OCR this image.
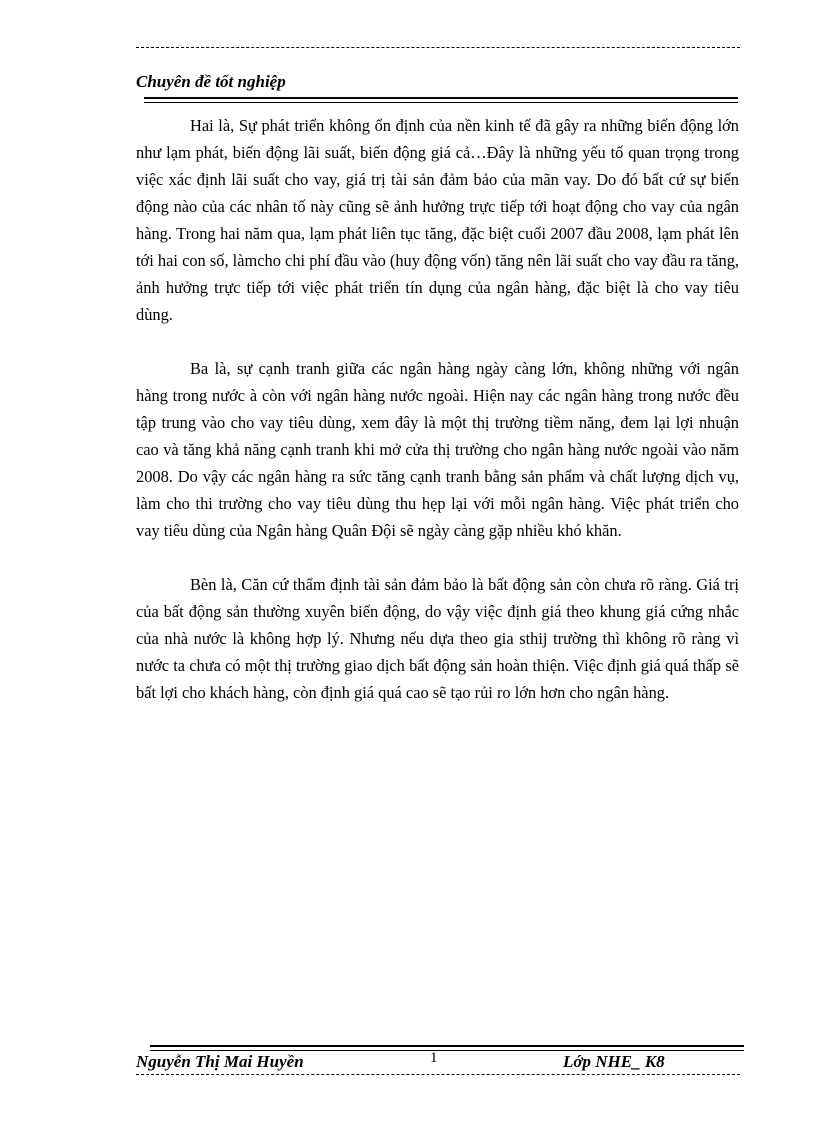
Chuyên đề tốt nghiệp

Hai là, Sự phát triển không ổn định của nền kinh tế đã gây ra những biến động lớn như lạm phát, biến động lãi suất, biến động giá cả…Đây là những yếu tố quan trọng trong việc xác định lãi suất cho vay, giá trị tài sản đảm bảo của mãn vay. Do đó bất cứ sự biến động nào của các nhân tố này cũng sẽ ảnh hưởng trực tiếp tới hoạt động cho vay của ngân hàng. Trong hai năm qua, lạm phát liên tục tăng, đặc biệt cuối 2007 đầu 2008, lạm phát lên tới hai con số, làmcho chi phí đầu vào (huy động vốn) tăng nên lãi suất cho vay đầu ra tăng, ảnh hưởng trực tiếp tới việc phát triển tín dụng của ngân hàng, đặc biệt là cho vay tiêu dùng.

Ba là, sự cạnh tranh giữa các ngân hàng ngày càng lớn, không những với ngân hàng trong nước à còn với ngân hàng nước ngoài. Hiện nay các ngân hàng trong nước đều tập trung vào cho vay tiêu dùng, xem đây là một thị trường tiềm năng, đem lại lợi nhuận cao và tăng khả năng cạnh tranh khi mở cửa thị trường cho ngân hàng nước ngoài vào năm 2008. Do vậy các ngân hàng ra sức tăng cạnh tranh bằng sản phẩm và chất lượng dịch vụ, làm cho thi trường cho vay tiêu dùng thu hẹp lại với mỗi ngân hàng. Việc phát triển cho vay tiêu dùng của Ngân hàng Quân Đội sẽ ngày càng gặp nhiều khó khăn.

Bèn là, Căn cứ thẩm định tài sản đảm bảo là bất động sản còn chưa rõ ràng. Giá trị của bất động sản thường xuyên biến động, do vậy việc định giá theo khung giá cứng nhắc của nhà nước là không hợp lý. Nhưng nếu dựa theo gia sthij trường thì không rõ ràng vì nước ta chưa có một thị trường giao dịch bất động sản hoàn thiện. Việc định giá quá thấp sẽ bất lợi cho khách hàng, còn định giá quá cao sẽ tạo rủi ro lớn hơn cho ngân hàng.

Nguyễn Thị Mai Huyền	1	Lớp NHE_ K8
